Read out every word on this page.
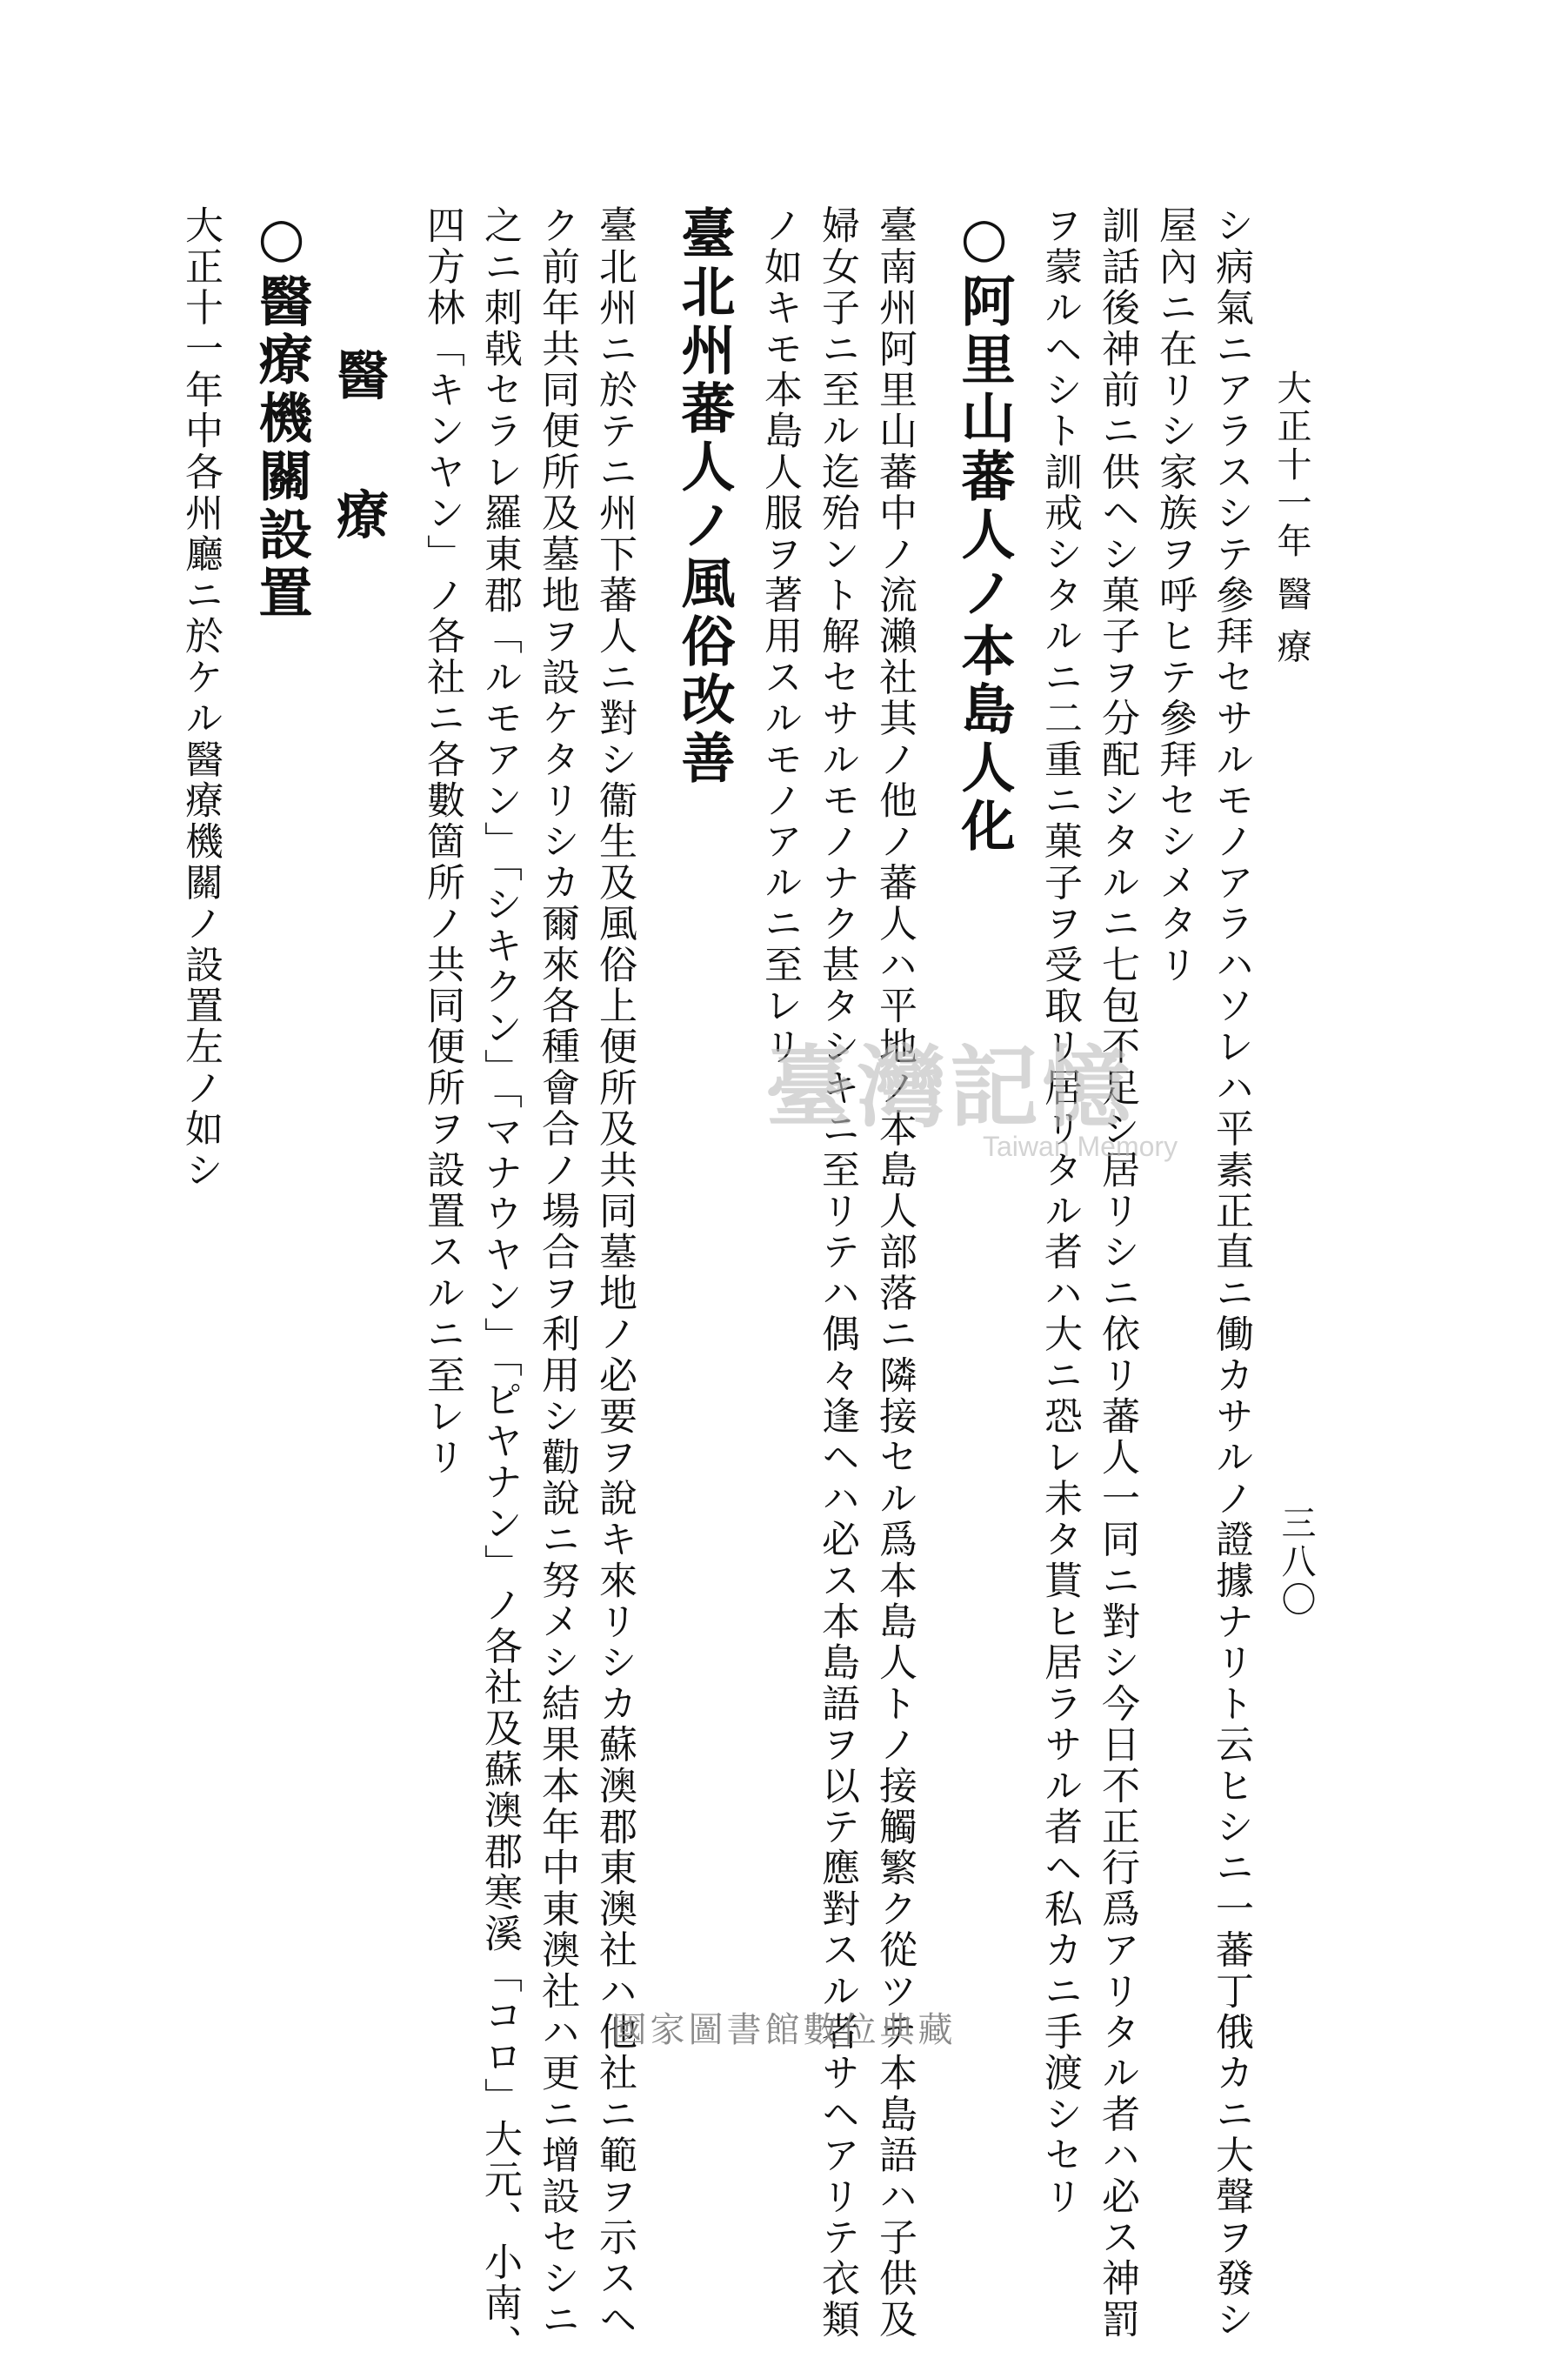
大正十一年 醫 療
三八〇
シ病氣ニアラスシテ參拜セサルモノアラハソレハ平素正直ニ働カサルノ證據ナリト云ヒシニ一蕃丁俄カニ大聲ヲ發シ
屋內ニ在リシ家族ヲ呼ヒテ參拜セシメタリ
訓話後神前ニ供ヘシ菓子ヲ分配シタルニ七包不足シ居リシニ依リ蕃人一同ニ對シ今日不正行爲アリタル者ハ必ス神罰
ヲ蒙ルヘシト訓戒シタルニ二重ニ菓子ヲ受取リ居リタル者ハ大ニ恐レ未タ貰ヒ居ラサル者ヘ私カニ手渡シセリ
○阿里山蕃人ノ本島人化
臺南州阿里山蕃中ノ流瀨社其ノ他ノ蕃人ハ平地ノ本島人部落ニ隣接セル爲本島人トノ接觸繁ク從ツテ本島語ハ子供及
婦女子ニ至ル迄殆ント解セサルモノナク甚タシキニ至リテハ偶々逢ヘハ必ス本島語ヲ以テ應對スル者サヘアリテ衣類
ノ如キモ本島人服ヲ著用スルモノアルニ至レリ
臺北州蕃人ノ風俗改善
臺北州ニ於テニ州下蕃人ニ對シ衞生及風俗上便所及共同墓地ノ必要ヲ說キ來リシカ蘇澳郡東澳社ハ他社ニ範ヲ示スヘ
ク前年共同便所及墓地ヲ設ケタリシカ爾來各種會合ノ場合ヲ利用シ勸說ニ努メシ結果本年中東澳社ハ更ニ增設セシニ
之ニ刺戟セラレ羅東郡「ルモアン」「シキクン」「マナウヤン」「ピヤナン」ノ各社及蘇澳郡寒溪「コロ」大元、小南、
四方林「キンヤン」ノ各社ニ各數箇所ノ共同便所ヲ設置スルニ至レリ
醫 療
○醫療機關設置
大正十一年中各州廳ニ於ケル醫療機關ノ設置左ノ如シ	臺灣記憶
Taiwan Memory
國家圖書館數位典藏
